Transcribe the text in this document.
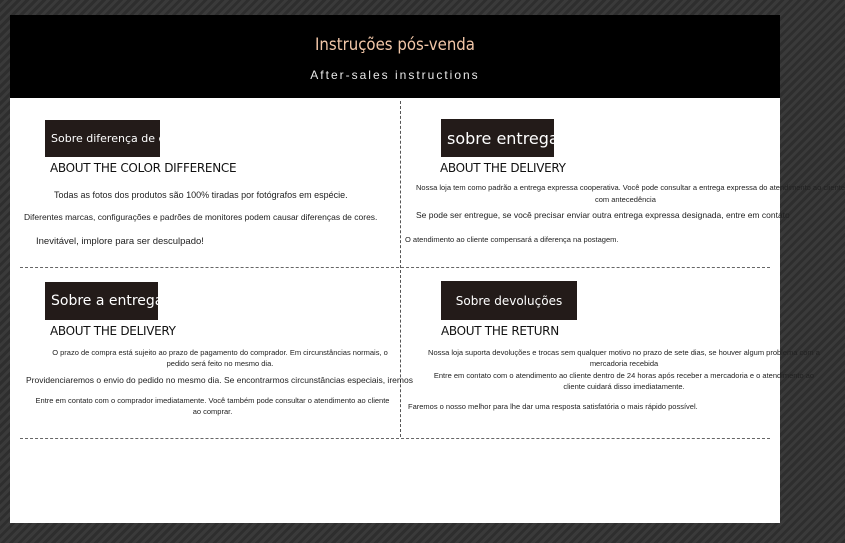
Instruções pós-venda
After-sales instructions
Sobre diferença de cor
ABOUT THE COLOR DIFFERENCE
Todas as fotos dos produtos são 100% tiradas por fotógrafos em espécie.
Diferentes marcas, configurações e padrões de monitores podem causar diferenças de cores.
Inevitável, implore para ser desculpado!
sobre entrega
ABOUT THE DELIVERY
Nossa loja tem como padrão a entrega expressa cooperativa. Você pode consultar a entrega expressa do atendimento ao cliente
com antecedência
Se pode ser entregue, se você precisar enviar outra entrega expressa designada, entre em contato
O atendimento ao cliente compensará a diferença na postagem.
Sobre a entrega
ABOUT THE DELIVERY
O prazo de compra está sujeito ao prazo de pagamento do comprador. Em circunstâncias normais, o pedido será feito no mesmo dia.
Providenciaremos o envio do pedido no mesmo dia. Se encontrarmos circunstâncias especiais, iremos
Entre em contato com o comprador imediatamente. Você também pode consultar o atendimento ao cliente ao comprar.
Sobre devoluções
ABOUT THE RETURN
Nossa loja suporta devoluções e trocas sem qualquer motivo no prazo de sete dias, se houver algum problema com a mercadoria recebida
Entre em contato com o atendimento ao cliente dentro de 24 horas após receber a mercadoria e o atendimento ao cliente cuidará disso imediatamente.
Faremos o nosso melhor para lhe dar uma resposta satisfatória o mais rápido possível.
